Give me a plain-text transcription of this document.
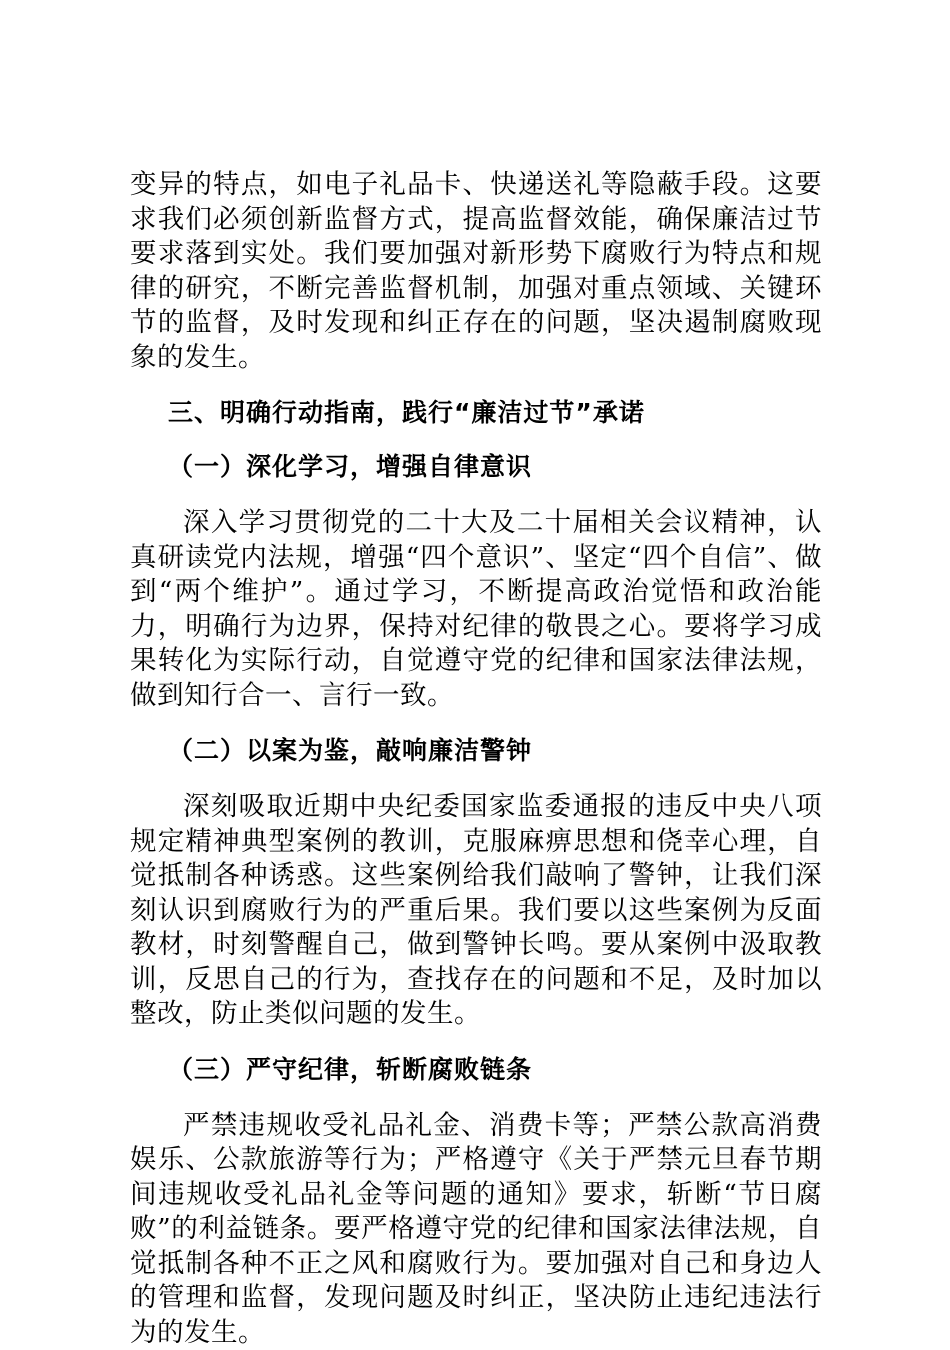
变异的特点，如电子礼品卡、快递送礼等隐蔽手段。这要求我们必须创新监督方式，提高监督效能，确保廉洁过节要求落到实处。我们要加强对新形势下腐败行为特点和规律的研究，不断完善监督机制，加强对重点领域、关键环节的监督，及时发现和纠正存在的问题，坚决遏制腐败现象的发生。

三、明确行动指南，践行“廉洁过节”承诺
（一）深化学习，增强自律意识

深入学习贯彻党的二十大及二十届相关会议精神，认真研读党内法规，增强“四个意识”、坚定“四个自信”、做到“两个维护”。通过学习，不断提高政治觉悟和政治能力，明确行为边界，保持对纪律的敬畏之心。要将学习成果转化为实际行动，自觉遵守党的纪律和国家法律法规，做到知行合一、言行一致。

（二）以案为鉴，敲响廉洁警钟

深刻吸取近期中央纪委国家监委通报的违反中央八项规定精神典型案例的教训，克服麻痹思想和侥幸心理，自觉抵制各种诱惑。这些案例给我们敲响了警钟，让我们深刻认识到腐败行为的严重后果。我们要以这些案例为反面教材，时刻警醒自己，做到警钟长鸣。要从案例中汲取教训，反思自己的行为，查找存在的问题和不足，及时加以整改，防止类似问题的发生。

（三）严守纪律，斩断腐败链条

严禁违规收受礼品礼金、消费卡等；严禁公款高消费娱乐、公款旅游等行为；严格遵守《关于严禁元旦春节期间违规收受礼品礼金等问题的通知》要求，斩断“节日腐败”的利益链条。要严格遵守党的纪律和国家法律法规，自觉抵制各种不正之风和腐败行为。要加强对自己和身边人的管理和监督，发现问题及时纠正，坚决防止违纪违法行为的发生。
